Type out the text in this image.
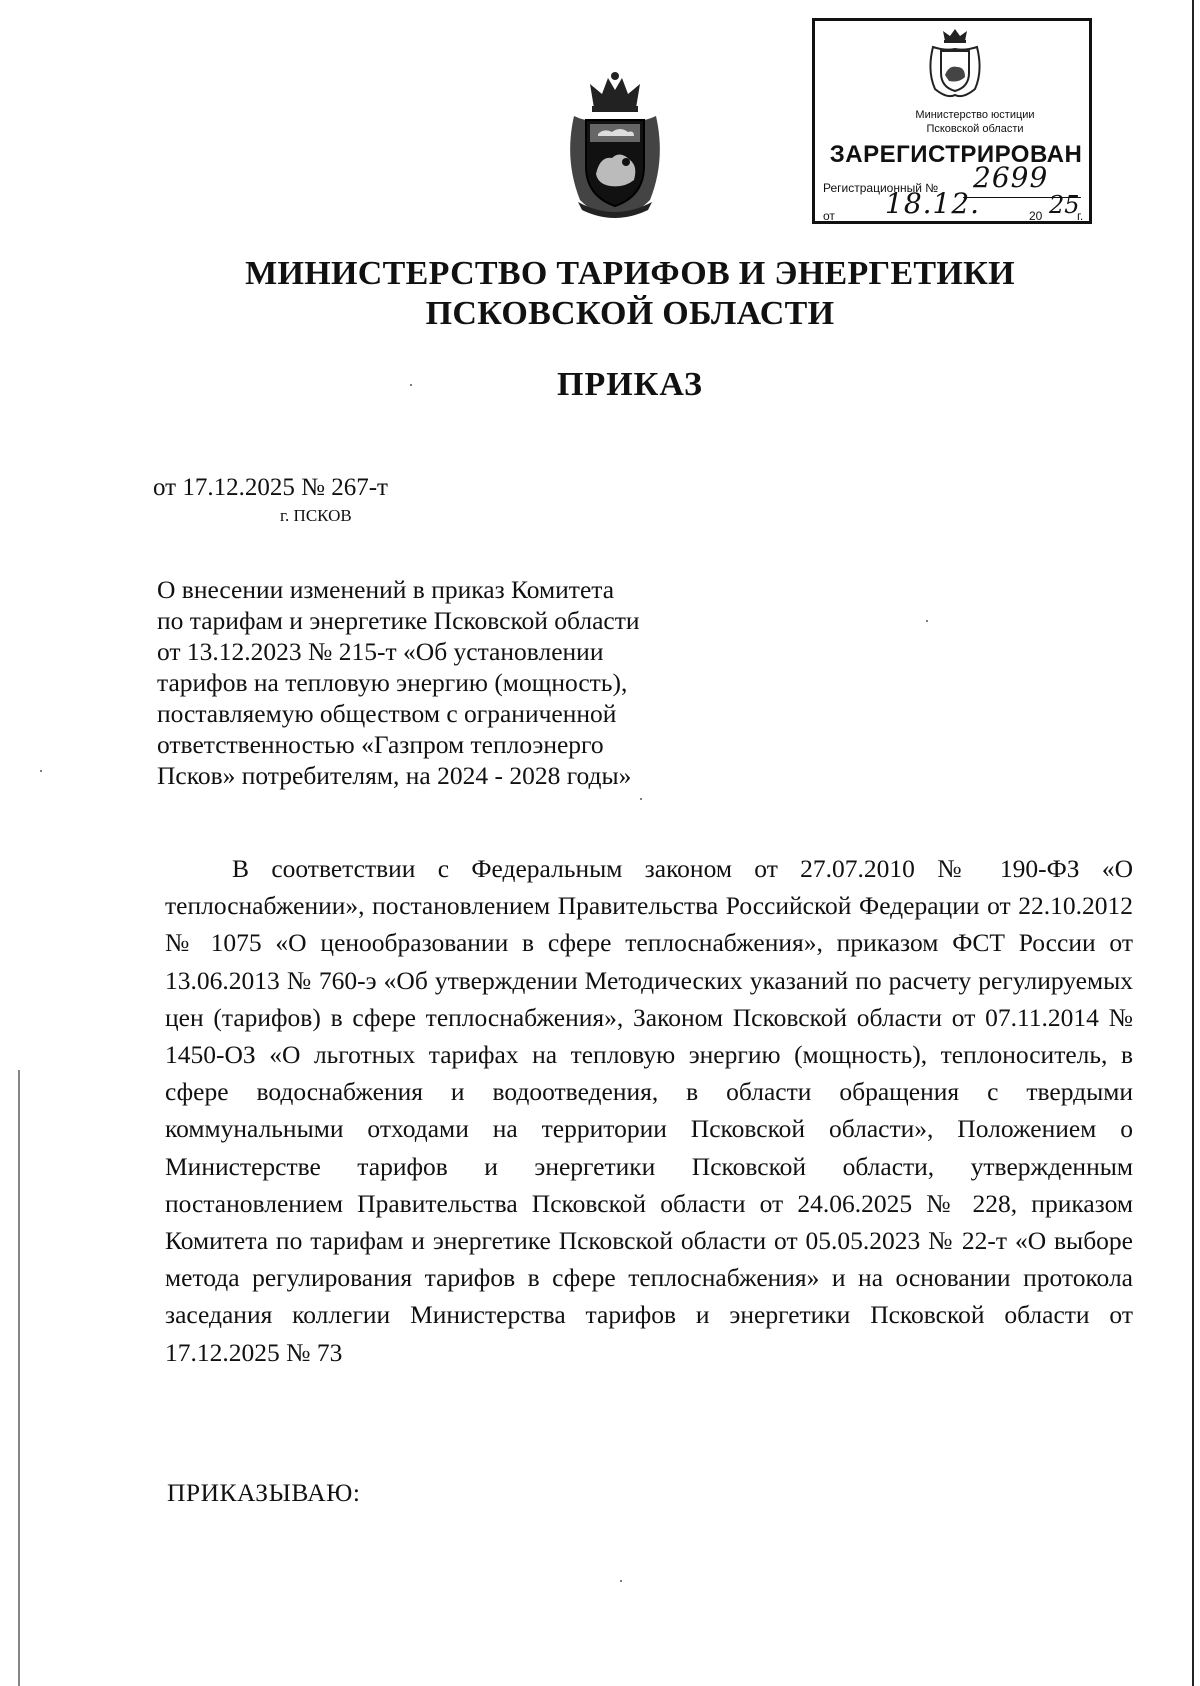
Министерство юстиции
Псковской области
ЗАРЕГИСТРИРОВАН
Регистрационный № 2699
от 18.12.	20 25
г.
МИНИСТЕРСТВО ТАРИФОВ И ЭНЕРГЕТИКИ
ПСКОВСКОЙ ОБЛАСТИ
ПРИКАЗ
от 17.12.2025 № 267-т
г. ПСКОВ
О внесении изменений в приказ Комитета
по тарифам и энергетике Псковской области
от 13.12.2023 № 215-т «Об установлении
тарифов на тепловую энергию (мощность),
поставляемую обществом с ограниченной
ответственностью «Газпром теплоэнерго
Псков» потребителям, на 2024 - 2028 годы»
В соответствии с Федеральным законом от 27.07.2010 № 190-ФЗ «О теплоснабжении», постановлением Правительства Российской Федерации от 22.10.2012 № 1075 «О ценообразовании в сфере теплоснабжения», приказом ФСТ России от 13.06.2013 № 760-э «Об утверждении Методических указаний по расчету регулируемых цен (тарифов) в сфере теплоснабжения», Законом Псковской области от 07.11.2014 № 1450-ОЗ «О льготных тарифах на тепловую энергию (мощность), теплоноситель, в сфере водоснабжения и водоотведения, в области обращения с твердыми коммунальными отходами на территории Псковской области», Положением о Министерстве тарифов и энергетики Псковской области, утвержденным постановлением Правительства Псковской области от 24.06.2025 № 228, приказом Комитета по тарифам и энергетике Псковской области от 05.05.2023 № 22-т «О выборе метода регулирования тарифов в сфере теплоснабжения» и на основании протокола заседания коллегии Министерства тарифов и энергетики Псковской области от 17.12.2025 № 73
ПРИКАЗЫВАЮ:
